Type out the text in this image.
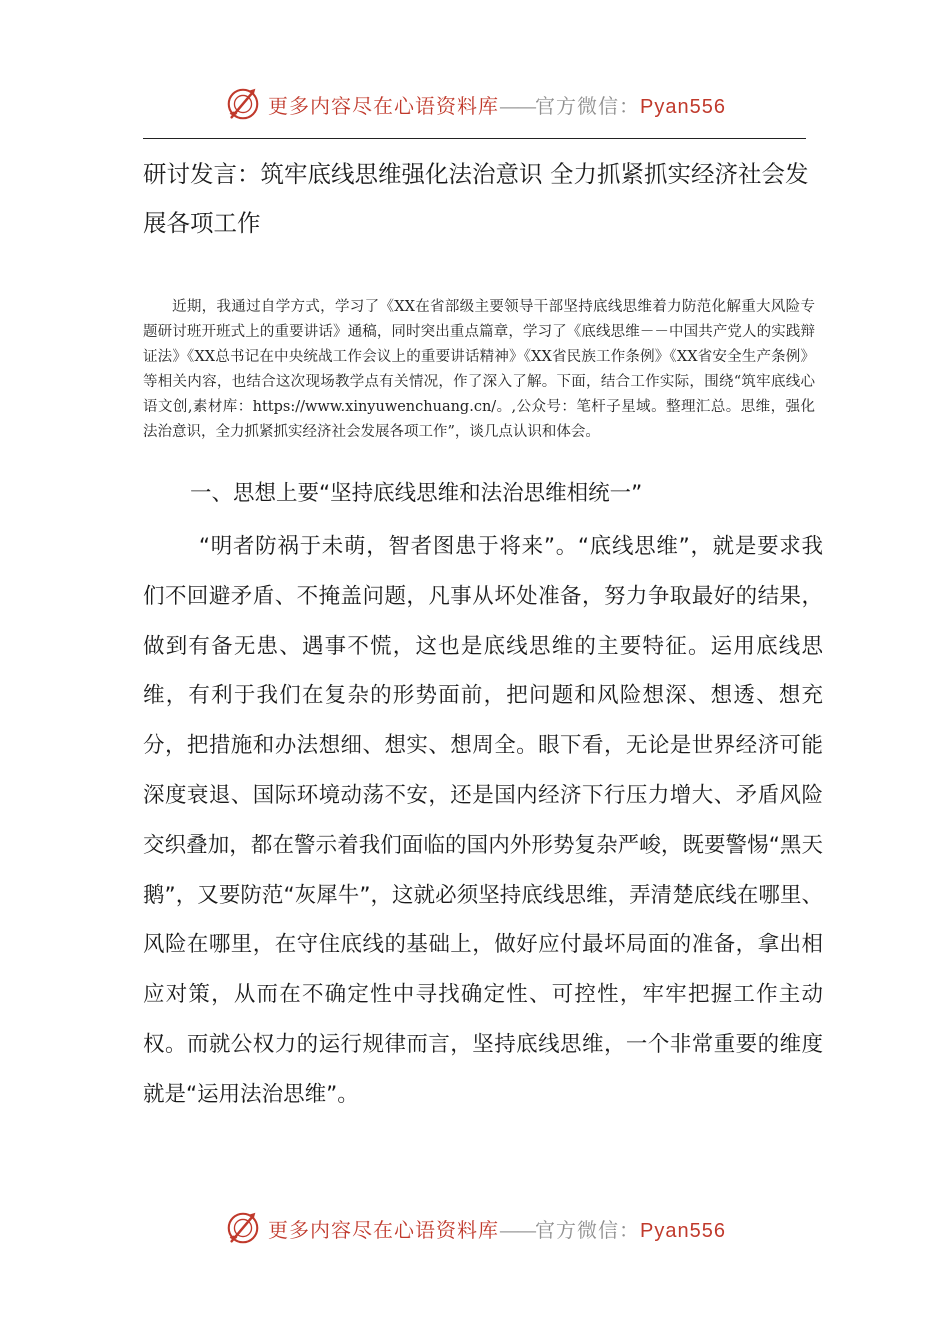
更多内容尽在心语资料库——官方微信：Pyan556
研讨发言：筑牢底线思维强化法治意识 全力抓紧抓实经济社会发展各项工作

近期，我通过自学方式，学习了《XX在省部级主要领导干部坚持底线思维着力防范化解重大风险专题研讨班开班式上的重要讲话》通稿，同时突出重点篇章，学习了《底线思维－－中国共产党人的实践辩证法》《XX总书记在中央统战工作会议上的重要讲话精神》《XX省民族工作条例》《XX省安全生产条例》等相关内容，也结合这次现场教学点有关情况，作了深入了解。下面，结合工作实际，围绕“筑牢底线心语文创,素材库：https://www.xinyuwenchuang.cn/。,公众号：笔杆子星域。整理汇总。思维，强化法治意识，全力抓紧抓实经济社会发展各项工作”，谈几点认识和体会。

一、思想上要“坚持底线思维和法治思维相统一”

“明者防祸于未萌，智者图患于将来”。“底线思维”，就是要求我们不回避矛盾、不掩盖问题，凡事从坏处准备，努力争取最好的结果，做到有备无患、遇事不慌，这也是底线思维的主要特征。运用底线思维，有利于我们在复杂的形势面前，把问题和风险想深、想透、想充分，把措施和办法想细、想实、想周全。眼下看，无论是世界经济可能深度衰退、国际环境动荡不安，还是国内经济下行压力增大、矛盾风险交织叠加，都在警示着我们面临的国内外形势复杂严峻，既要警惕“黑天鹅”，又要防范“灰犀牛”，这就必须坚持底线思维，弄清楚底线在哪里、风险在哪里，在守住底线的基础上，做好应付最坏局面的准备，拿出相应对策，从而在不确定性中寻找确定性、可控性，牢牢把握工作主动权。而就公权力的运行规律而言，坚持底线思维，一个非常重要的维度就是“运用法治思维”。

更多内容尽在心语资料库——官方微信：Pyan556
